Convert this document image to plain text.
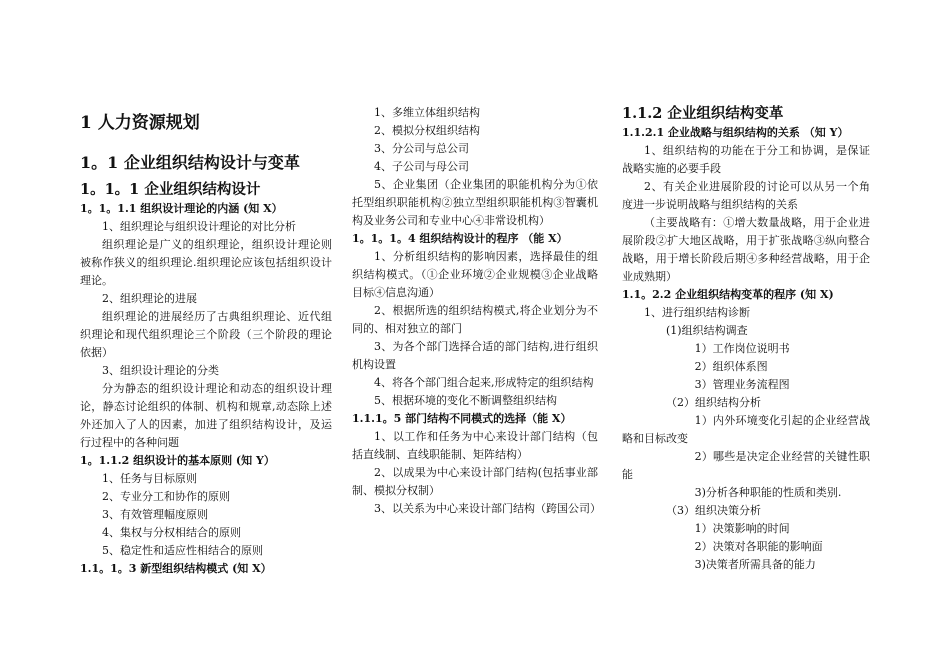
1 人力资源规划

1。1 企业组织结构设计与变革

1。1。1 企业组织结构设计

1。1。1.1 组织设计理论的内涵 (知 X）

1、组织理论与组织设计理论的对比分析

组织理论是广义的组织理论，组织设计理论则被称作狭义的组织理论.组织理论应该包括组织设计理论。

2、组织理论的进展

组织理论的进展经历了古典组织理论、近代组织理论和现代组织理论三个阶段（三个阶段的理论依据）

3、组织设计理论的分类

分为静态的组织设计理论和动态的组织设计理论，静态讨论组织的体制、机构和规章,动态除上述外还加入了人的因素，加进了组织结构设计，及运行过程中的各种问题

1。1.1.2 组织设计的基本原则 (知 Y）

1、任务与目标原则

2、专业分工和协作的原则

3、有效管理幅度原则

4、集权与分权相结合的原则

5、稳定性和适应性相结合的原则

1.1。1。3 新型组织结构模式 (知 X）

1、多维立体组织结构

2、模拟分权组织结构

3、分公司与总公司

4、子公司与母公司

5、企业集团（企业集团的职能机构分为①依托型组织职能机构②独立型组织职能机构③智囊机构及业务公司和专业中心④非常设机构）

1。1。1。4 组织结构设计的程序 （能 X）

1、分析组织结构的影响因素，选择最佳的组织结构模式。（①企业环境②企业规模③企业战略目标④信息沟通）

2、根据所选的组织结构模式,将企业划分为不同的、相对独立的部门

3、为各个部门选择合适的部门结构,进行组织机构设置

4、将各个部门组合起来,形成特定的组织结构

5、根据环境的变化不断调整组织结构

1.1.1。5 部门结构不同模式的选择（能 X）

1、以工作和任务为中心来设计部门结构（包括直线制、直线职能制、矩阵结构）

2、以成果为中心来设计部门结构(包括事业部制、模拟分权制）

3、以关系为中心来设计部门结构（跨国公司）

1.1.2 企业组织结构变革

1.1.2.1 企业战略与组织结构的关系 （知 Y）

1、组织结构的功能在于分工和协调，是保证战略实施的必要手段

2、有关企业进展阶段的讨论可以从另一个角度进一步说明战略与组织结构的关系

（主要战略有：①增大数量战略，用于企业进展阶段②扩大地区战略，用于扩张战略③纵向整合战略，用于增长阶段后期④多种经营战略，用于企业成熟期）

1.1。2.2 企业组织结构变革的程序 (知 X)

1、进行组织结构诊断

(1)组织结构调查

1）工作岗位说明书

2）组织体系图

3）管理业务流程图

（2）组织结构分析

1）内外环境变化引起的企业经营战略和目标改变

2）哪些是决定企业经营的关键性职能

3)分析各种职能的性质和类别.

（3）组织决策分析

1）决策影响的时间

2）决策对各职能的影响面

3)决策者所需具备的能力
